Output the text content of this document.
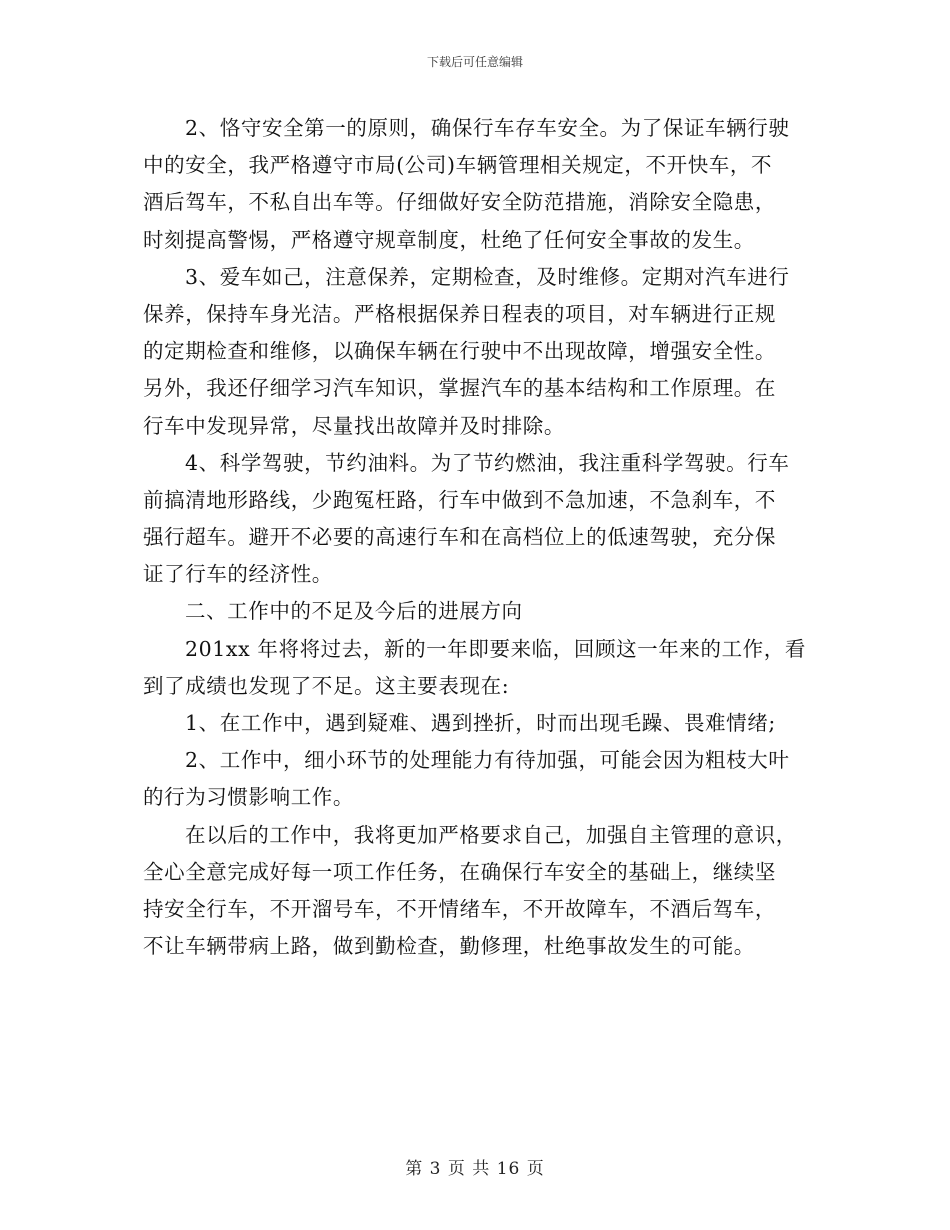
下载后可任意编辑
2、恪守安全第一的原则，确保行车存车安全。为了保证车辆行驶
中的安全，我严格遵守市局(公司)车辆管理相关规定，不开快车，不
酒后驾车，不私自出车等。仔细做好安全防范措施，消除安全隐患，
时刻提高警惕，严格遵守规章制度，杜绝了任何安全事故的发生。
3、爱车如己，注意保养，定期检查，及时维修。定期对汽车进行
保养，保持车身光洁。严格根据保养日程表的项目，对车辆进行正规
的定期检查和维修，以确保车辆在行驶中不出现故障，增强安全性。
另外，我还仔细学习汽车知识，掌握汽车的基本结构和工作原理。在
行车中发现异常，尽量找出故障并及时排除。
4、科学驾驶，节约油料。为了节约燃油，我注重科学驾驶。行车
前搞清地形路线，少跑冤枉路，行车中做到不急加速，不急刹车，不
强行超车。避开不必要的高速行车和在高档位上的低速驾驶，充分保
证了行车的经济性。
二、工作中的不足及今后的进展方向
201xx 年将将过去，新的一年即要来临，回顾这一年来的工作，看
到了成绩也发现了不足。这主要表现在:
1、在工作中，遇到疑难、遇到挫折，时而出现毛躁、畏难情绪;
2、工作中，细小环节的处理能力有待加强，可能会因为粗枝大叶
的行为习惯影响工作。
在以后的工作中，我将更加严格要求自己，加强自主管理的意识，
全心全意完成好每一项工作任务，在确保行车安全的基础上，继续坚
持安全行车，不开溜号车，不开情绪车，不开故障车，不酒后驾车，
不让车辆带病上路，做到勤检查，勤修理，杜绝事故发生的可能。
第 3 页 共 16 页
